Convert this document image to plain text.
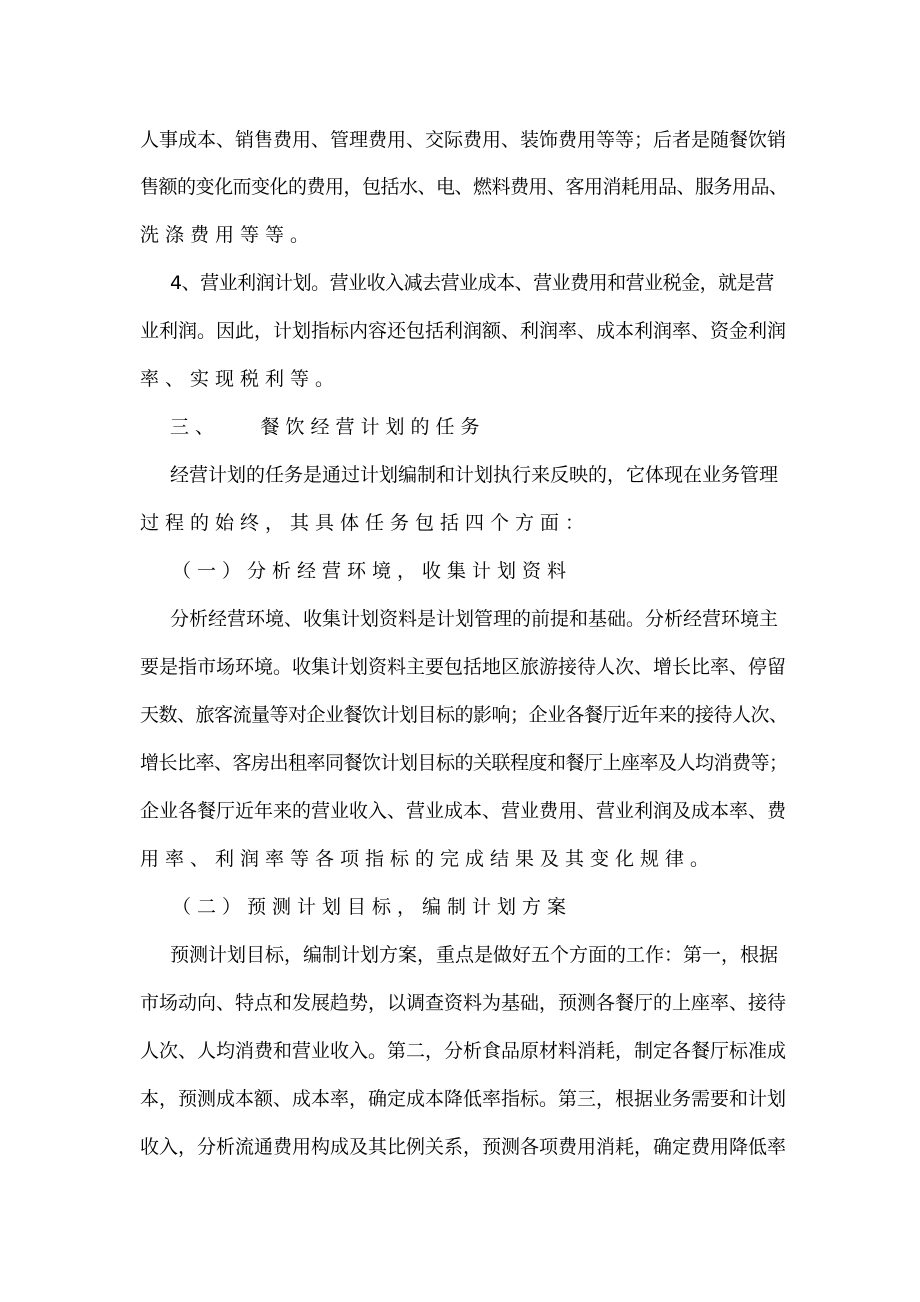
人事成本、销售费用、管理费用、交际费用、装饰费用等等；后者是随餐饮销
售额的变化而变化的费用，包括水、电、燃料费用、客用消耗用品、服务用品、
洗涤费用等等。
4、营业利润计划。营业收入减去营业成本、营业费用和营业税金，就是营
业利润。因此，计划指标内容还包括利润额、利润率、成本利润率、资金利润
率、实现税利等。
三、　　餐饮经营计划的任务
经营计划的任务是通过计划编制和计划执行来反映的，它体现在业务管理
过程的始终，其具体任务包括四个方面：
（一）分析经营环境，收集计划资料
分析经营环境、收集计划资料是计划管理的前提和基础。分析经营环境主
要是指市场环境。收集计划资料主要包括地区旅游接待人次、增长比率、停留
天数、旅客流量等对企业餐饮计划目标的影响；企业各餐厅近年来的接待人次、
增长比率、客房出租率同餐饮计划目标的关联程度和餐厅上座率及人均消费等；
企业各餐厅近年来的营业收入、营业成本、营业费用、营业利润及成本率、费
用率、利润率等各项指标的完成结果及其变化规律。
（二）预测计划目标，编制计划方案
预测计划目标，编制计划方案，重点是做好五个方面的工作：第一，根据
市场动向、特点和发展趋势，以调查资料为基础，预测各餐厅的上座率、接待
人次、人均消费和营业收入。第二，分析食品原材料消耗，制定各餐厅标准成
本，预测成本额、成本率，确定成本降低率指标。第三，根据业务需要和计划
收入，分析流通费用构成及其比例关系，预测各项费用消耗，确定费用降低率
